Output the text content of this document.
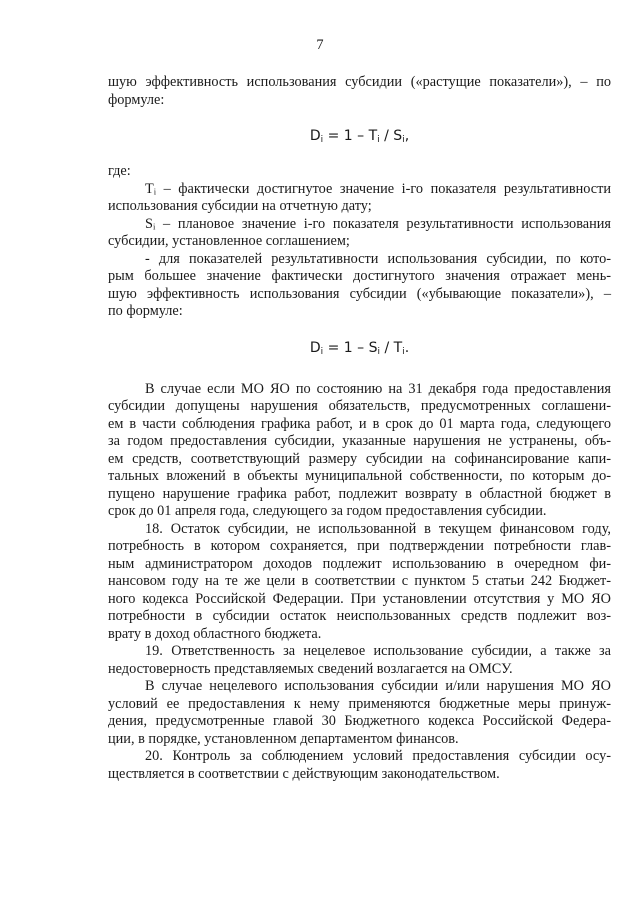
7
шую эффективность использования субсидии («растущие показатели»), – по
формуле:
$D_i = 1 - T_i / S_i$,
где:
Tᵢ – фактически достигнутое значение i-го показателя результативности
использования субсидии на отчетную дату;
Sᵢ – плановое значение i-го показателя результативности использования
субсидии, установленное соглашением;
- для показателей результативности использования субсидии, по кото-
рым большее значение фактически достигнутого значения отражает мень-
шую эффективность использования субсидии («убывающие показатели»), –
по формуле:
$D_i = 1 - S_i / T_i$.
В случае если МО ЯО по состоянию на 31 декабря года предоставления
субсидии допущены нарушения обязательств, предусмотренных соглашени-
ем в части соблюдения графика работ, и в срок до 01 марта года, следующего
за годом предоставления субсидии, указанные нарушения не устранены, объ-
ем средств, соответствующий размеру субсидии на софинансирование капи-
тальных вложений в объекты муниципальной собственности, по которым до-
пущено нарушение графика работ, подлежит возврату в областной бюджет в
срок до 01 апреля года, следующего за годом предоставления субсидии.
18. Остаток субсидии, не использованной в текущем финансовом году,
потребность в котором сохраняется, при подтверждении потребности глав-
ным администратором доходов подлежит использованию в очередном фи-
нансовом году на те же цели в соответствии с пунктом 5 статьи 242 Бюджет-
ного кодекса Российской Федерации. При установлении отсутствия у МО ЯО
потребности в субсидии остаток неиспользованных средств подлежит воз-
врату в доход областного бюджета.
19. Ответственность за нецелевое использование субсидии, а также за
недостоверность представляемых сведений возлагается на ОМСУ.
В случае нецелевого использования субсидии и/или нарушения МО ЯО
условий ее предоставления к нему применяются бюджетные меры принуж-
дения, предусмотренные главой 30 Бюджетного кодекса Российской Федера-
ции, в порядке, установленном департаментом финансов.
20. Контроль за соблюдением условий предоставления субсидии осу-
ществляется в соответствии с действующим законодательством.
